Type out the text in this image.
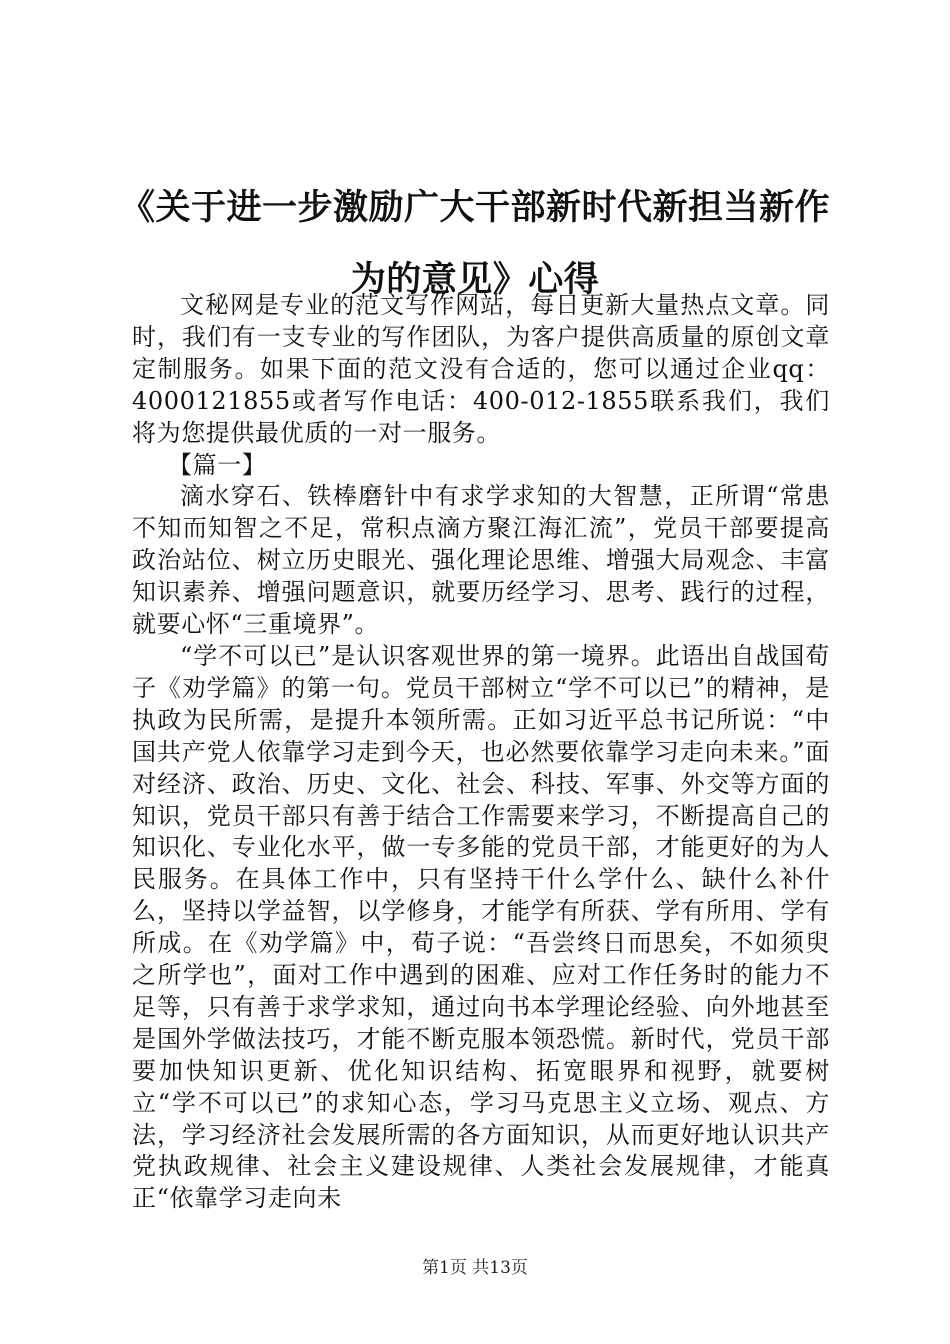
《关于进一步激励广大干部新时代新担当新作
为的意见》心得

文秘网是专业的范文写作网站，每日更新大量热点文章。同时，我们有一支专业的写作团队，为客户提供高质量的原创文章定制服务。如果下面的范文没有合适的，您可以通过企业qq：4000121855或者写作电话：400-012-1855联系我们，我们将为您提供最优质的一对一服务。

【篇一】

滴水穿石、铁棒磨针中有求学求知的大智慧，正所谓“常患不知而知智之不足，常积点滴方聚江海汇流”，党员干部要提高政治站位、树立历史眼光、强化理论思维、增强大局观念、丰富知识素养、增强问题意识，就要历经学习、思考、践行的过程，就要心怀“三重境界”。

“学不可以已”是认识客观世界的第一境界。此语出自战国荀子《劝学篇》的第一句。党员干部树立“学不可以已”的精神，是执政为民所需，是提升本领所需。正如习近平总书记所说：“中国共产党人依靠学习走到今天，也必然要依靠学习走向未来。”面对经济、政治、历史、文化、社会、科技、军事、外交等方面的知识，党员干部只有善于结合工作需要来学习，不断提高自己的知识化、专业化水平，做一专多能的党员干部，才能更好的为人民服务。在具体工作中，只有坚持干什么学什么、缺什么补什么，坚持以学益智，以学修身，才能学有所获、学有所用、学有所成。在《劝学篇》中，荀子说：“吾尝终日而思矣，不如须臾之所学也”，面对工作中遇到的困难、应对工作任务时的能力不足等，只有善于求学求知，通过向书本学理论经验、向外地甚至是国外学做法技巧，才能不断克服本领恐慌。新时代，党员干部要加快知识更新、优化知识结构、拓宽眼界和视野，就要树立“学不可以已”的求知心态，学习马克思主义立场、观点、方法，学习经济社会发展所需的各方面知识，从而更好地认识共产党执政规律、社会主义建设规律、人类社会发展规律，才能真正“依靠学习走向未

第1页 共13页
